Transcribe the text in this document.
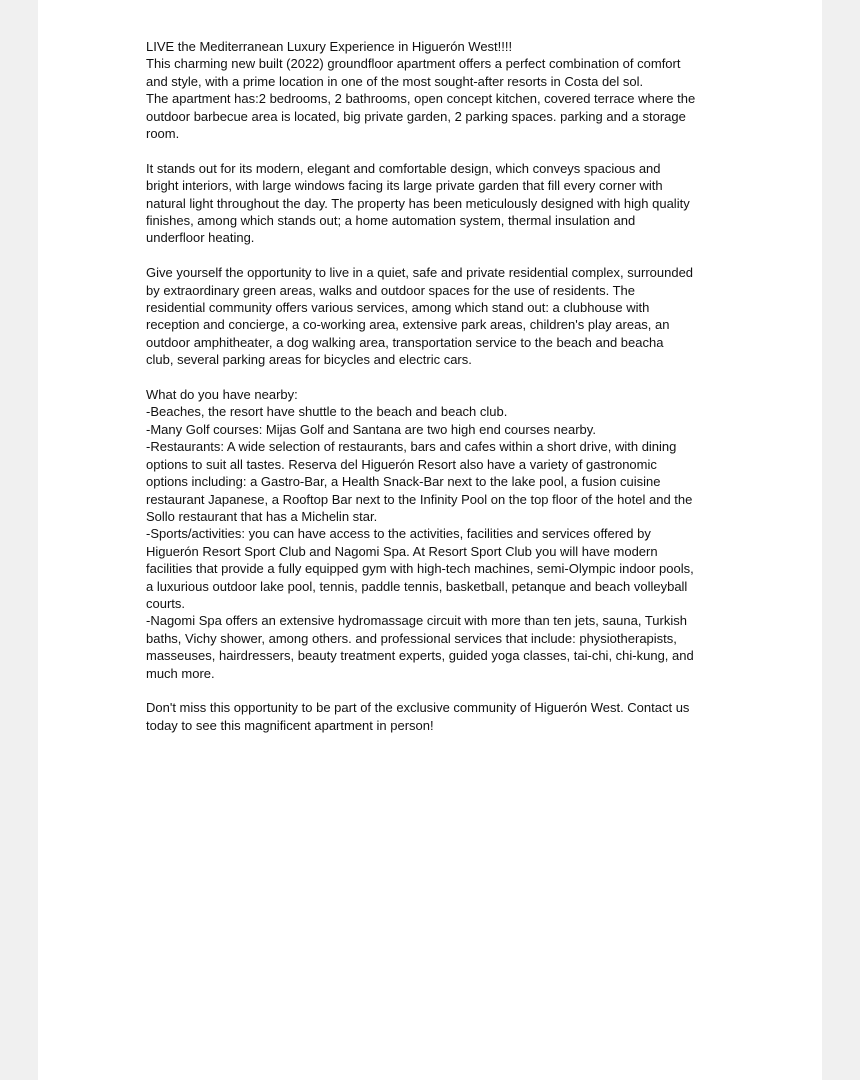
LIVE the Mediterranean Luxury Experience in Higuerón West!!!!
This charming new built (2022) groundfloor apartment offers a perfect combination of comfort
and style, with a prime location in one of the most sought-after resorts in Costa del sol.
The apartment has:2 bedrooms, 2 bathrooms, open concept kitchen, covered terrace where the
outdoor barbecue area is located, big private garden, 2 parking spaces. parking and a storage
room.

It stands out for its modern, elegant and comfortable design, which conveys spacious and
bright interiors, with large windows facing its large private garden that fill every corner with
natural light throughout the day. The property has been meticulously designed with high quality
finishes, among which stands out; a home automation system, thermal insulation and
underfloor heating.

Give yourself the opportunity to live in a quiet, safe and private residential complex, surrounded
by extraordinary green areas, walks and outdoor spaces for the use of residents. The
residential community offers various services, among which stand out: a clubhouse with
reception and concierge, a co-working area, extensive park areas, children's play areas, an
outdoor amphitheater, a dog walking area, transportation service to the beach and beacha
club, several parking areas for bicycles and electric cars.

What do you have nearby:
-Beaches, the resort have shuttle to the beach and beach club.
-Many Golf courses: Mijas Golf and Santana are two high end courses nearby.
-Restaurants: A wide selection of restaurants, bars and cafes within a short drive, with dining
options to suit all tastes. Reserva del Higuerón Resort also have a variety of gastronomic
options including: a Gastro-Bar, a Health Snack-Bar next to the lake pool, a fusion cuisine
restaurant Japanese, a Rooftop Bar next to the Infinity Pool on the top floor of the hotel and the
Sollo restaurant that has a Michelin star.
-Sports/activities: you can have access to the activities, facilities and services offered by
Higuerón Resort Sport Club and Nagomi Spa. At Resort Sport Club you will have modern
facilities that provide a fully equipped gym with high-tech machines, semi-Olympic indoor pools,
a luxurious outdoor lake pool, tennis, paddle tennis, basketball, petanque and beach volleyball
courts.
-Nagomi Spa offers an extensive hydromassage circuit with more than ten jets, sauna, Turkish
baths, Vichy shower, among others. and professional services that include: physiotherapists,
masseuses, hairdressers, beauty treatment experts, guided yoga classes, tai-chi, chi-kung, and
much more.

Don't miss this opportunity to be part of the exclusive community of Higuerón West. Contact us
today to see this magnificent apartment in person!
